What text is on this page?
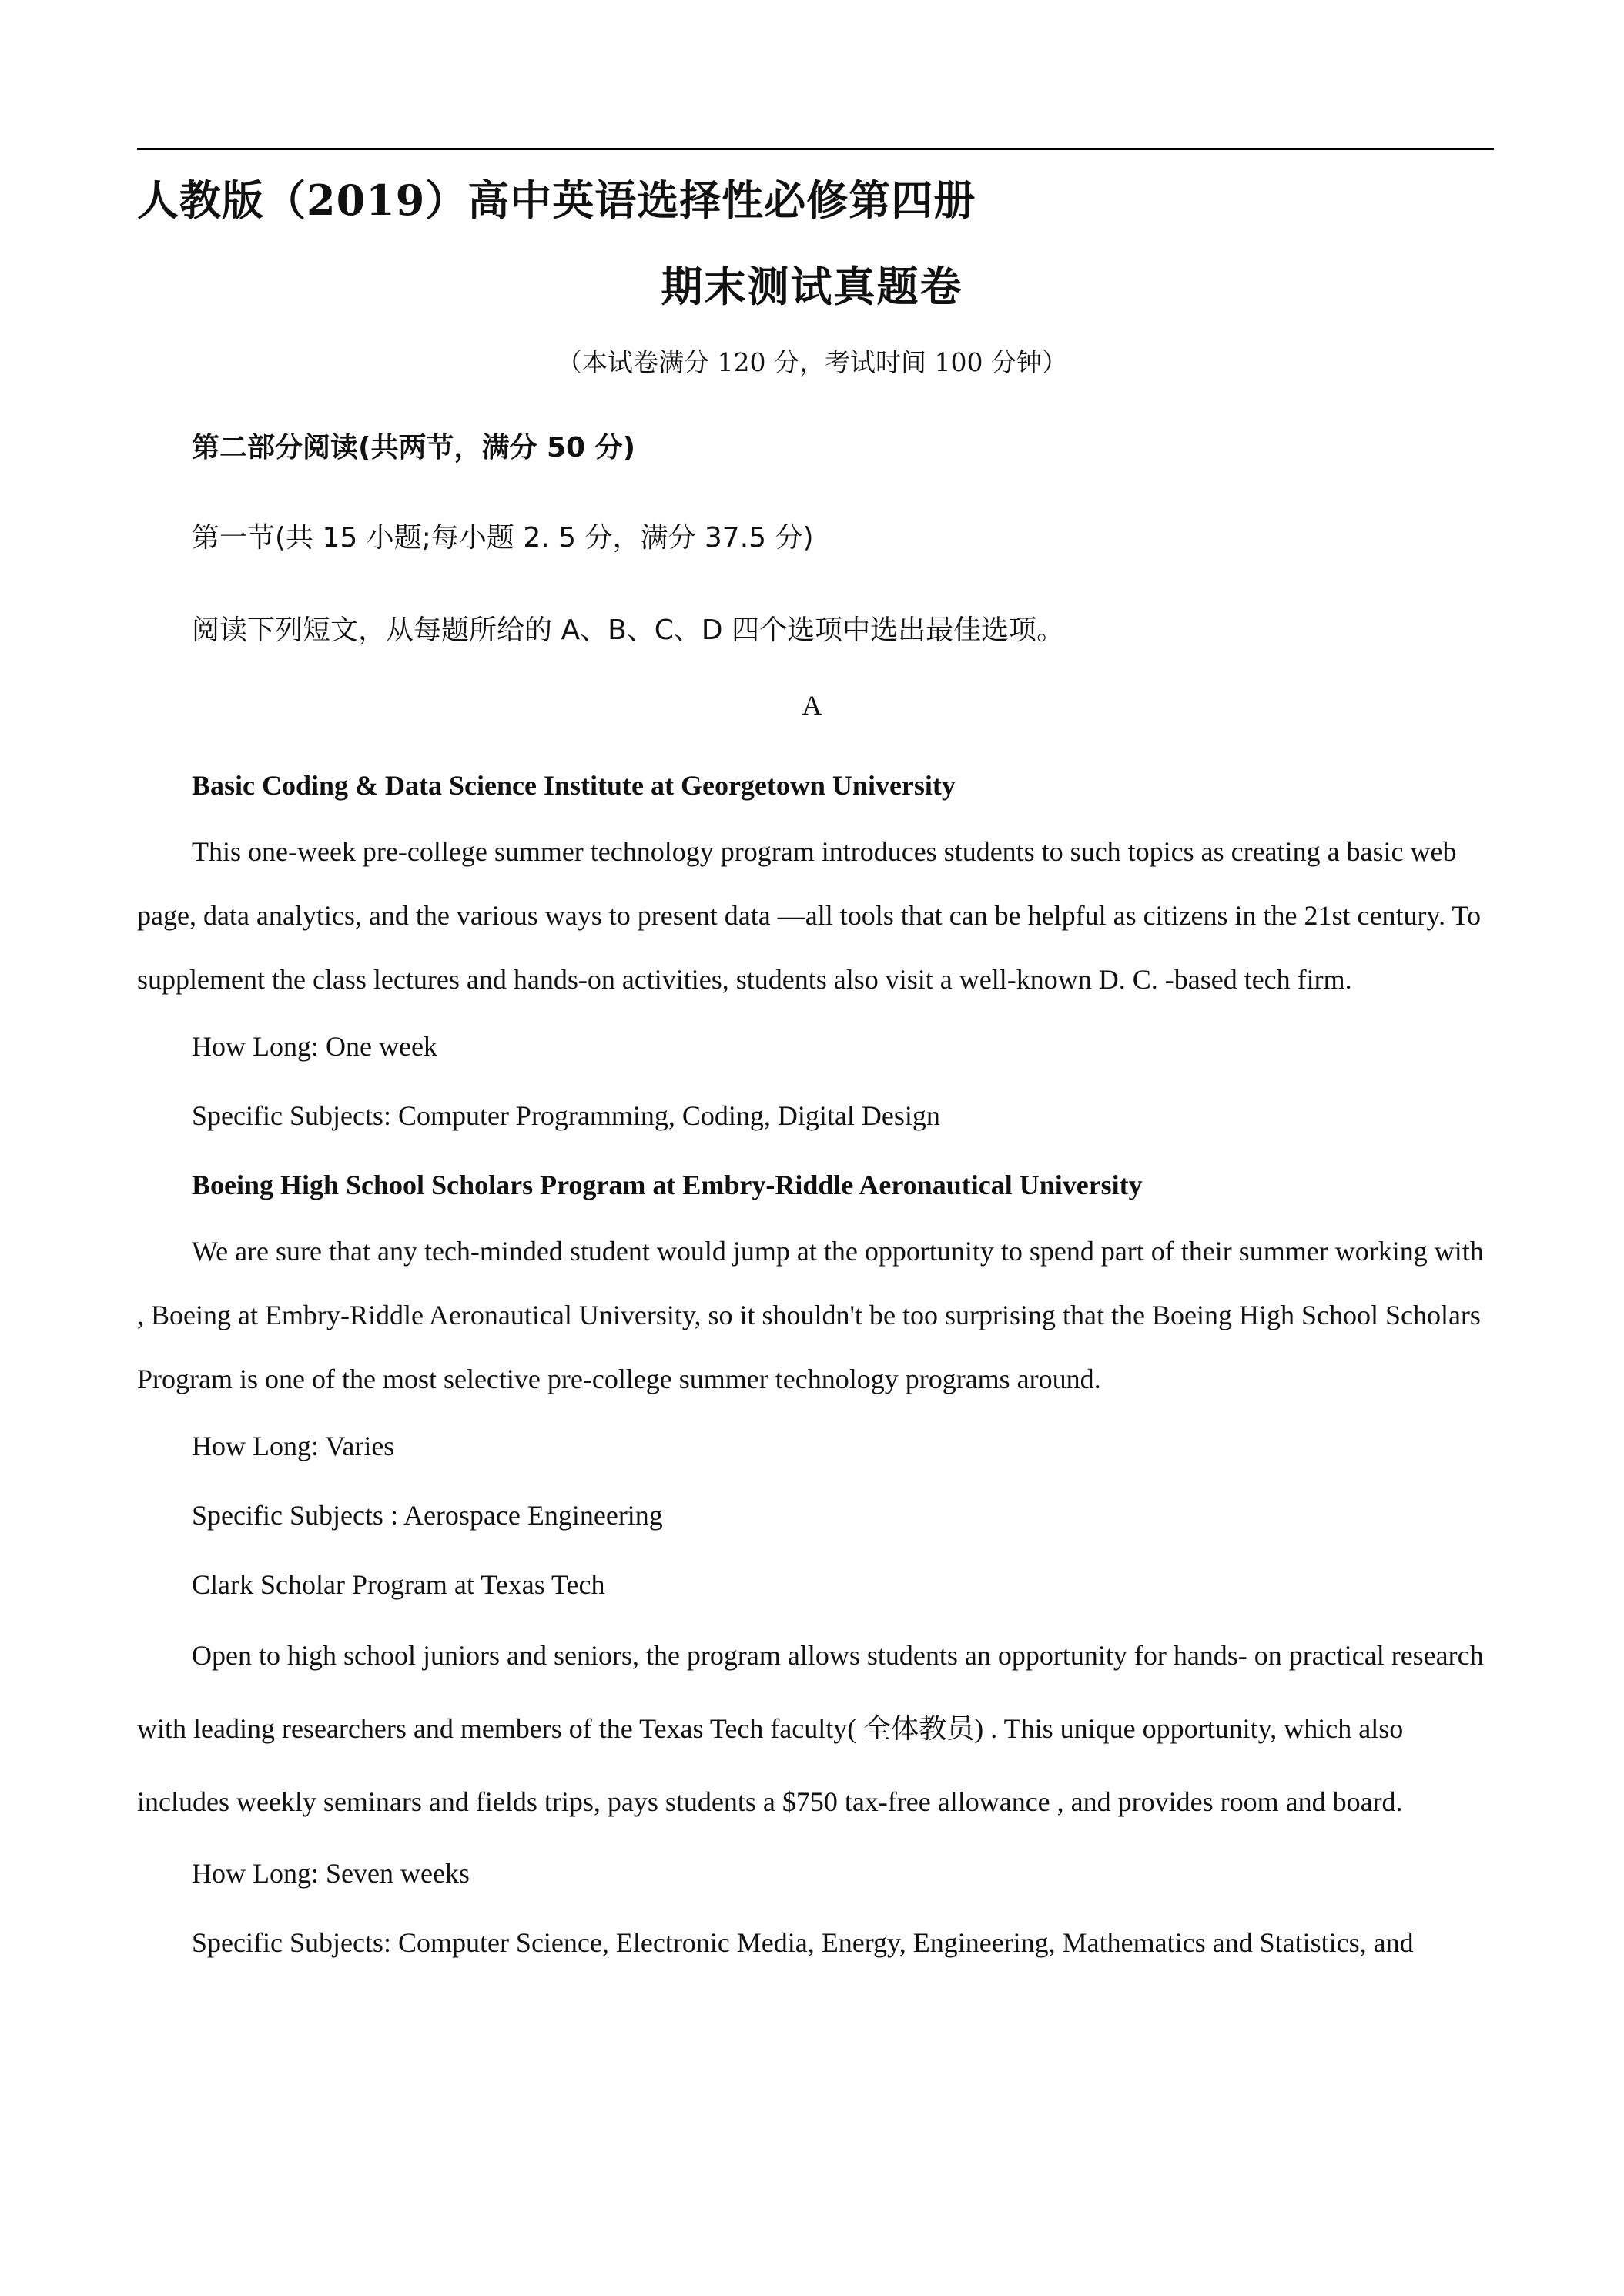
人教版（2019）高中英语选择性必修第四册
期末测试真题卷
（本试卷满分 120 分，考试时间 100 分钟）
第二部分阅读(共两节，满分 50 分)
第一节(共 15 小题;每小题 2. 5 分，满分 37.5 分)
阅读下列短文，从每题所给的 A、B、C、D 四个选项中选出最佳选项。
A

Basic Coding & Data Science Institute at Georgetown University

This one-week pre-college summer technology program introduces students to such topics as creating a basic web page, data analytics, and the various ways to present data —all tools that can be helpful as citizens in the 21st century. To supplement the class lectures and hands-on activities, students also visit a well-known D. C. -based tech firm.

How Long: One week

Specific Subjects: Computer Programming, Coding, Digital Design

Boeing High School Scholars Program at Embry-Riddle Aeronautical University

We are sure that any tech-minded student would jump at the opportunity to spend part of their summer working with , Boeing at Embry-Riddle Aeronautical University, so it shouldn't be too surprising that the Boeing High School Scholars Program is one of the most selective pre-college summer technology programs around.

How Long: Varies

Specific Subjects : Aerospace Engineering

Clark Scholar Program at Texas Tech

Open to high school juniors and seniors, the program allows students an opportunity for hands- on practical research with leading researchers and members of the Texas Tech faculty( 全体教员) . This unique opportunity, which also includes weekly seminars and fields trips, pays students a $750 tax-free allowance , and provides room and board.

How Long: Seven weeks

Specific Subjects: Computer Science, Electronic Media, Energy, Engineering, Mathematics and Statistics, and
